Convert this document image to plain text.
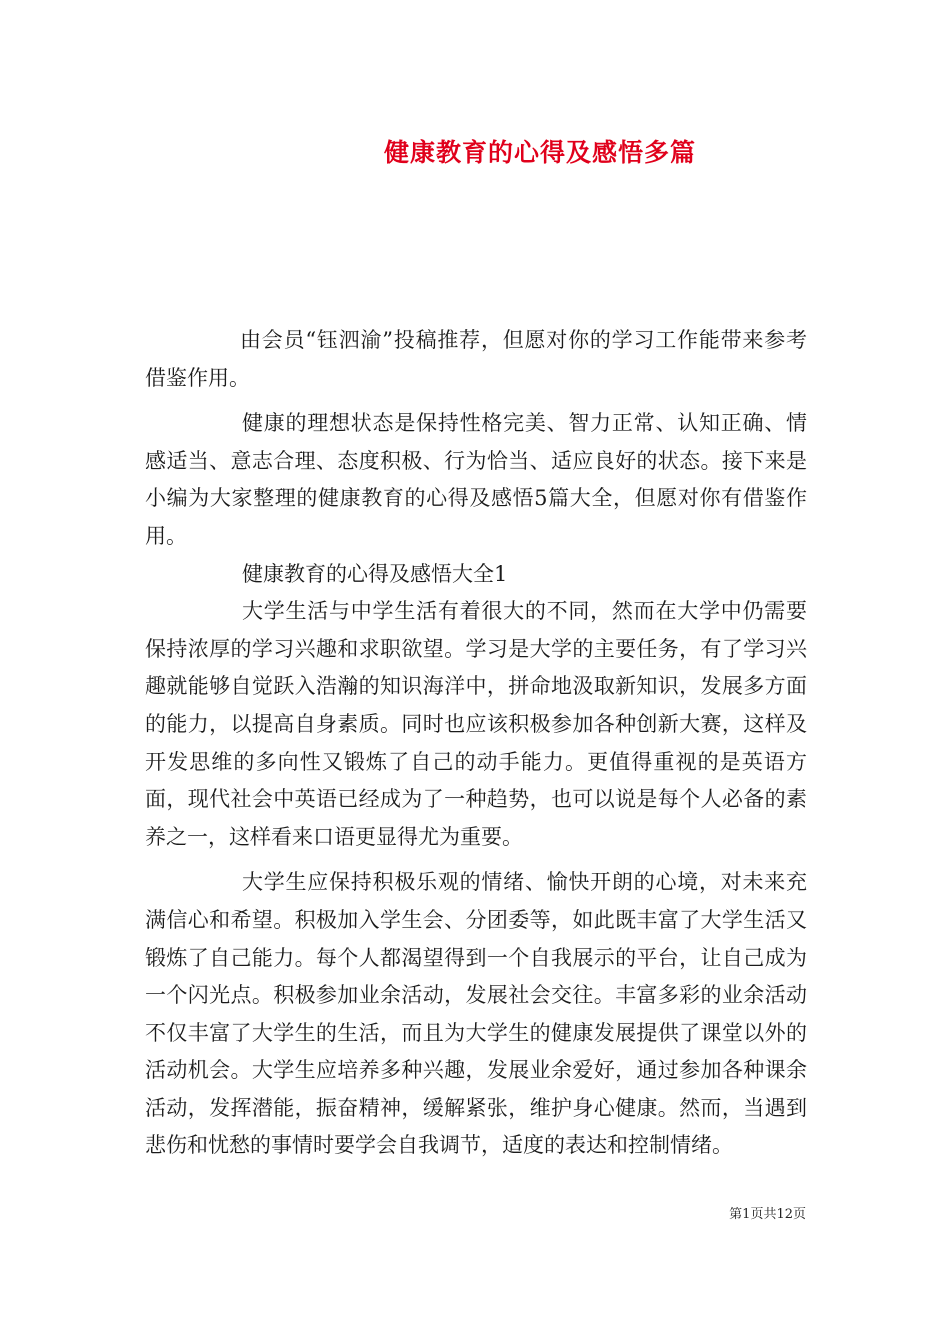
健康教育的心得及感悟多篇

由会员“钰泗渝”投稿推荐，但愿对你的学习工作能带来参考借鉴作用。

健康的理想状态是保持性格完美、智力正常、认知正确、情感适当、意志合理、态度积极、行为恰当、适应良好的状态。接下来是小编为大家整理的健康教育的心得及感悟5篇大全，但愿对你有借鉴作用。

健康教育的心得及感悟大全1

大学生活与中学生活有着很大的不同，然而在大学中仍需要保持浓厚的学习兴趣和求职欲望。学习是大学的主要任务，有了学习兴趣就能够自觉跃入浩瀚的知识海洋中，拼命地汲取新知识，发展多方面的能力，以提高自身素质。同时也应该积极参加各种创新大赛，这样及开发思维的多向性又锻炼了自己的动手能力。更值得重视的是英语方面，现代社会中英语已经成为了一种趋势，也可以说是每个人必备的素养之一，这样看来口语更显得尤为重要。

大学生应保持积极乐观的情绪、愉快开朗的心境，对未来充满信心和希望。积极加入学生会、分团委等，如此既丰富了大学生活又锻炼了自己能力。每个人都渴望得到一个自我展示的平台，让自己成为一个闪光点。积极参加业余活动，发展社会交往。丰富多彩的业余活动不仅丰富了大学生的生活，而且为大学生的健康发展提供了课堂以外的活动机会。大学生应培养多种兴趣，发展业余爱好，通过参加各种课余活动，发挥潜能，振奋精神，缓解紧张，维护身心健康。然而，当遇到悲伤和忧愁的事情时要学会自我调节，适度的表达和控制情绪。

第1页共12页
